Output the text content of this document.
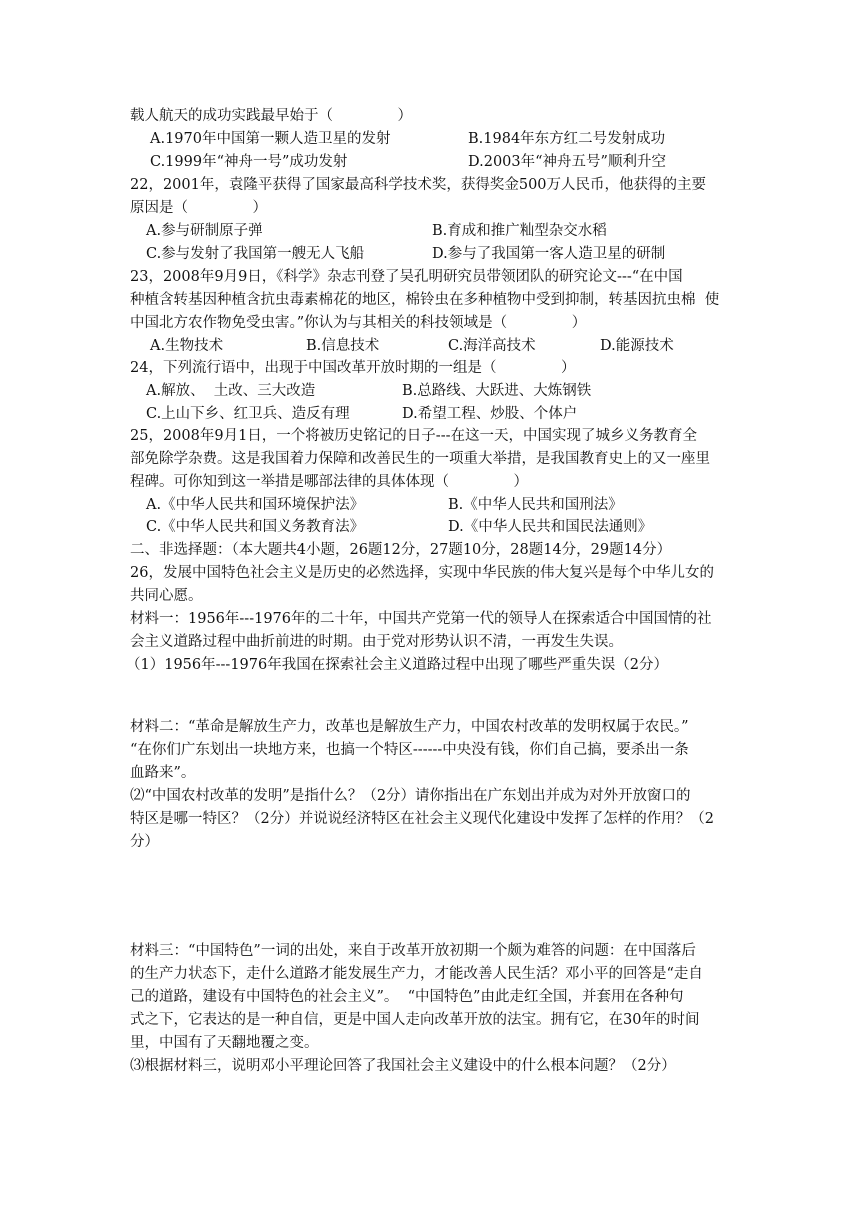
载人航天的成功实践最早始于（              ）
A.1970年中国第一颗人造卫星的发射	B.1984年东方红二号发射成功
C.1999年“神舟一号”成功发射	D.2003年“神舟五号”顺利升空
22，2001年，袁隆平获得了国家最高科学技术奖，获得奖金500万人民币，他获得的主要
原因是（              ）
A.参与研制原子弹	B.育成和推广籼型杂交水稻
C.参与发射了我国第一艘无人飞船	D.参与了我国第一客人造卫星的研制
23，2008年9月9日，《科学》杂志刊登了吴孔明研究员带领团队的研究论文---“在中国
种植含转基因种植含抗虫毒素棉花的地区，棉铃虫在多种植物中受到抑制，转基因抗虫棉  使
中国北方农作物免受虫害。”你认为与其相关的科技领域是（              ）
A.生物技术	B.信息技术	C.海洋高技术	D.能源技术
24，下列流行语中，出现于中国改革开放时期的一组是（              ）
A.解放、  土改、三大改造	B.总路线、大跃进、大炼钢铁
C.上山下乡、红卫兵、造反有理	D.希望工程、炒股、个体户
25，2008年9月1日，一个将被历史铭记的日子---在这一天，中国实现了城乡义务教育全
部免除学杂费。这是我国着力保障和改善民生的一项重大举措，是我国教育史上的又一座里
程碑。可你知到这一举措是哪部法律的具体体现（              ）
A.《中华人民共和国环境保护法》	B.《中华人民共和国刑法》
C.《中华人民共和国义务教育法》	D.《中华人民共和国民法通则》
二、非选择题：（本大题共4小题，26题12分，27题10分，28题14分，29题14分）
26，发展中国特色社会主义是历史的必然选择，实现中华民族的伟大复兴是每个中华儿女的
共同心愿。
材料一：1956年---1976年的二十年，中国共产党第一代的领导人在探索适合中国国情的社
会主义道路过程中曲折前进的时期。由于党对形势认识不清，一再发生失误。
（1）1956年---1976年我国在探索社会主义道路过程中出现了哪些严重失误（2分）
材料二：“革命是解放生产力，改革也是解放生产力，中国农村改革的发明权属于农民。”
“在你们广东划出一块地方来，也搞一个特区------中央没有钱，你们自己搞，要杀出一条
血路来”。
⑵“中国农村改革的发明”是指什么？（2分）请你指出在广东划出并成为对外开放窗口的
特区是哪一特区？（2分）并说说经济特区在社会主义现代化建设中发挥了怎样的作用？（2
分）
材料三：“中国特色”一词的出处，来自于改革开放初期一个颇为难答的问题：在中国落后
的生产力状态下，走什么道路才能发展生产力，才能改善人民生活？邓小平的回答是“走自
己的道路，建设有中国特色的社会主义”。  “中国特色”由此走红全国，并套用在各种句
式之下，它表达的是一种自信，更是中国人走向改革开放的法宝。拥有它，在30年的时间
里，中国有了天翻地覆之变。
⑶根据材料三，说明邓小平理论回答了我国社会主义建设中的什么根本问题？（2分）
